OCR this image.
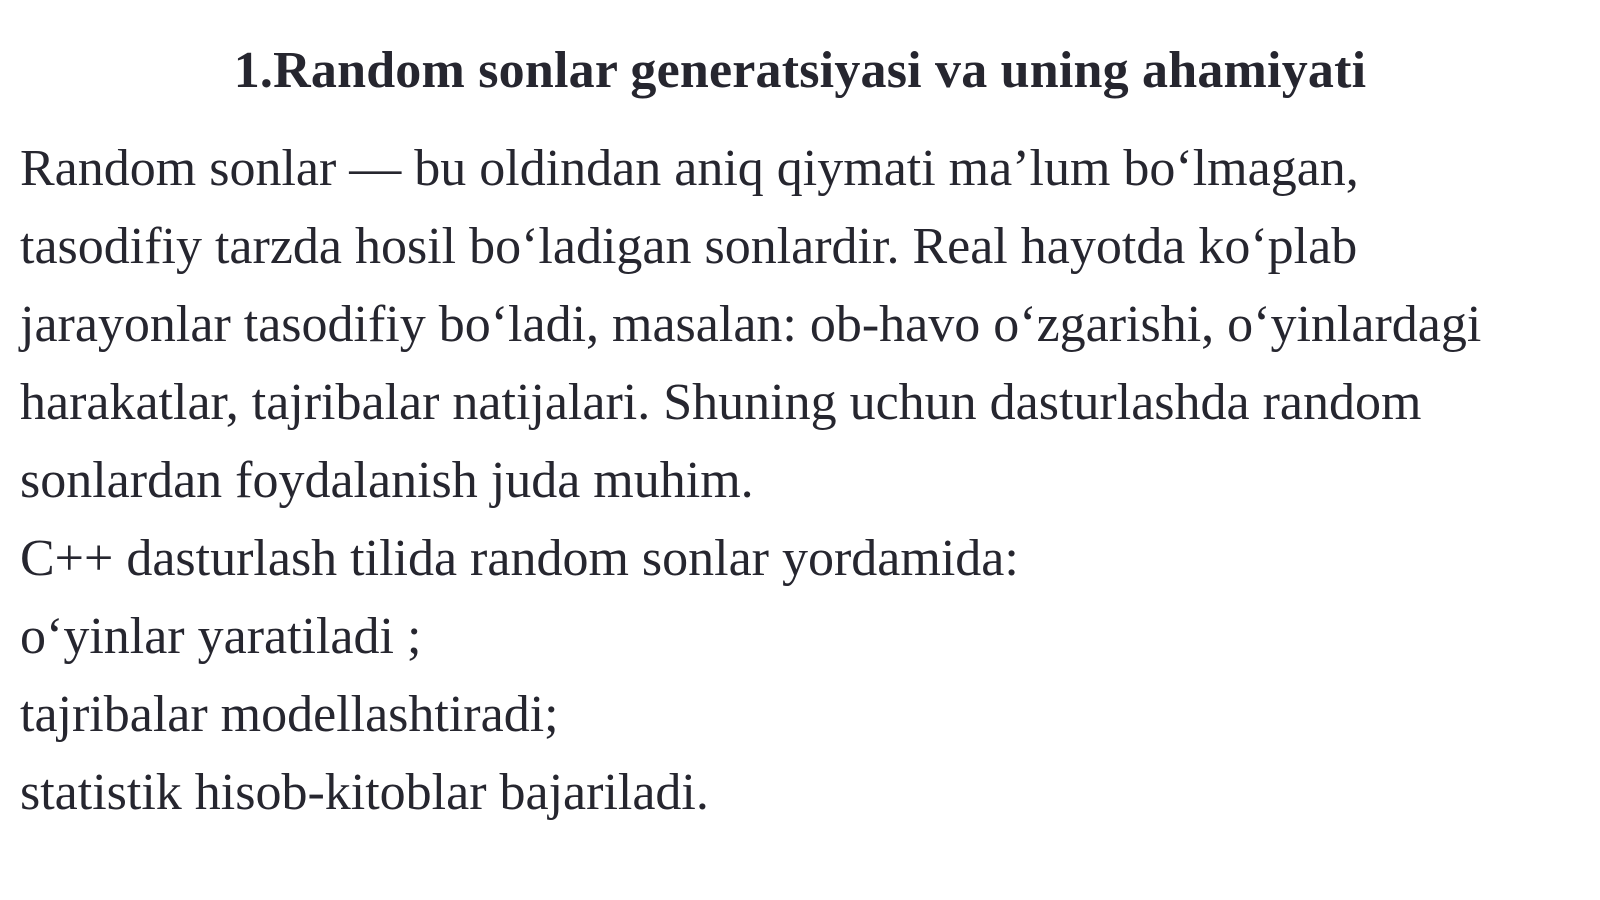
1.Random sonlar generatsiyasi va uning ahamiyati
Random sonlar — bu oldindan aniq qiymati ma’lum bo‘lmagan,
tasodifiy tarzda hosil bo‘ladigan sonlardir. Real hayotda ko‘plab
jarayonlar tasodifiy bo‘ladi, masalan: ob-havo o‘zgarishi, o‘yinlardagi
harakatlar, tajribalar natijalari. Shuning uchun dasturlashda random
sonlardan foydalanish juda muhim.
C++ dasturlash tilida random sonlar yordamida:
o‘yinlar yaratiladi ;
tajribalar modellashtiradi;
statistik hisob-kitoblar bajariladi.
